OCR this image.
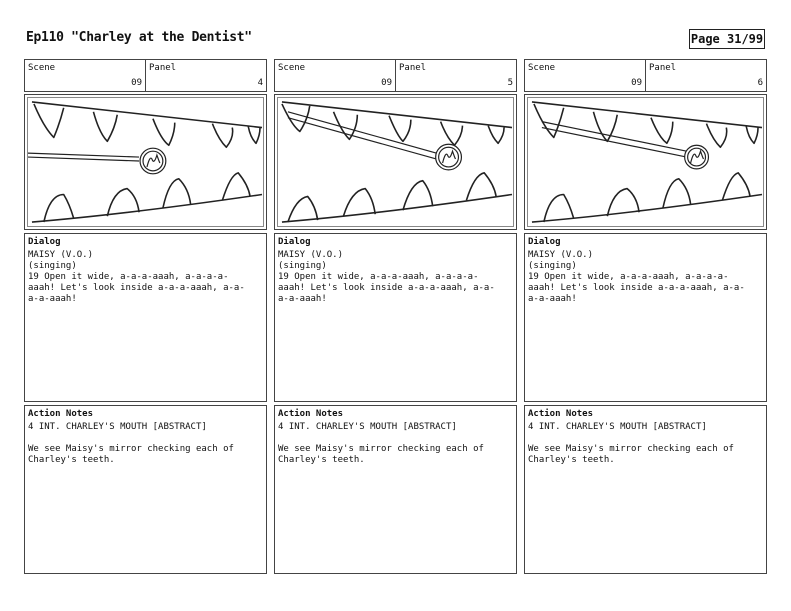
Ep110 "Charley at the Dentist"	Page 31/99
Scene
09
Panel
4
Dialog
MAISY (V.O.)
(singing)
19 Open it wide, a-a-a-aaah, a-a-a-a-
aaah! Let's look inside a-a-a-aaah, a-a-
a-a-aaah!
Action Notes
4 INT. CHARLEY'S MOUTH [ABSTRACT]
We see Maisy's mirror checking each of
Charley's teeth.
Scene
09
Panel
5
Dialog
MAISY (V.O.)
(singing)
19 Open it wide, a-a-a-aaah, a-a-a-a-
aaah! Let's look inside a-a-a-aaah, a-a-
a-a-aaah!
Action Notes
4 INT. CHARLEY'S MOUTH [ABSTRACT]
We see Maisy's mirror checking each of
Charley's teeth.
Scene
09
Panel
6
Dialog
MAISY (V.O.)
(singing)
19 Open it wide, a-a-a-aaah, a-a-a-a-
aaah! Let's look inside a-a-a-aaah, a-a-
a-a-aaah!
Action Notes
4 INT. CHARLEY'S MOUTH [ABSTRACT]
We see Maisy's mirror checking each of
Charley's teeth.
